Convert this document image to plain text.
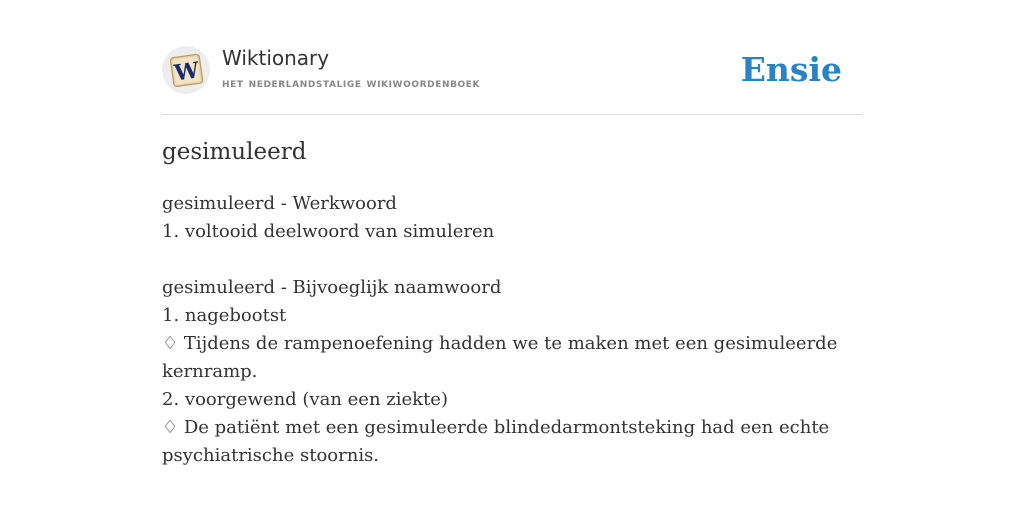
W Wiktionary
het nederlandstalige wikiwoordenboek	Ensie
gesimuleerd
gesimuleerd - Werkwoord
1. voltooid deelwoord van simuleren
gesimuleerd - Bijvoeglijk naamwoord
1. nagebootst
♢ Tijdens de rampenoefening hadden we te maken met een gesimuleerde kernramp.
2. voorgewend (van een ziekte)
♢ De patiënt met een gesimuleerde blindedarmontsteking had een echte psychiatrische stoornis.
